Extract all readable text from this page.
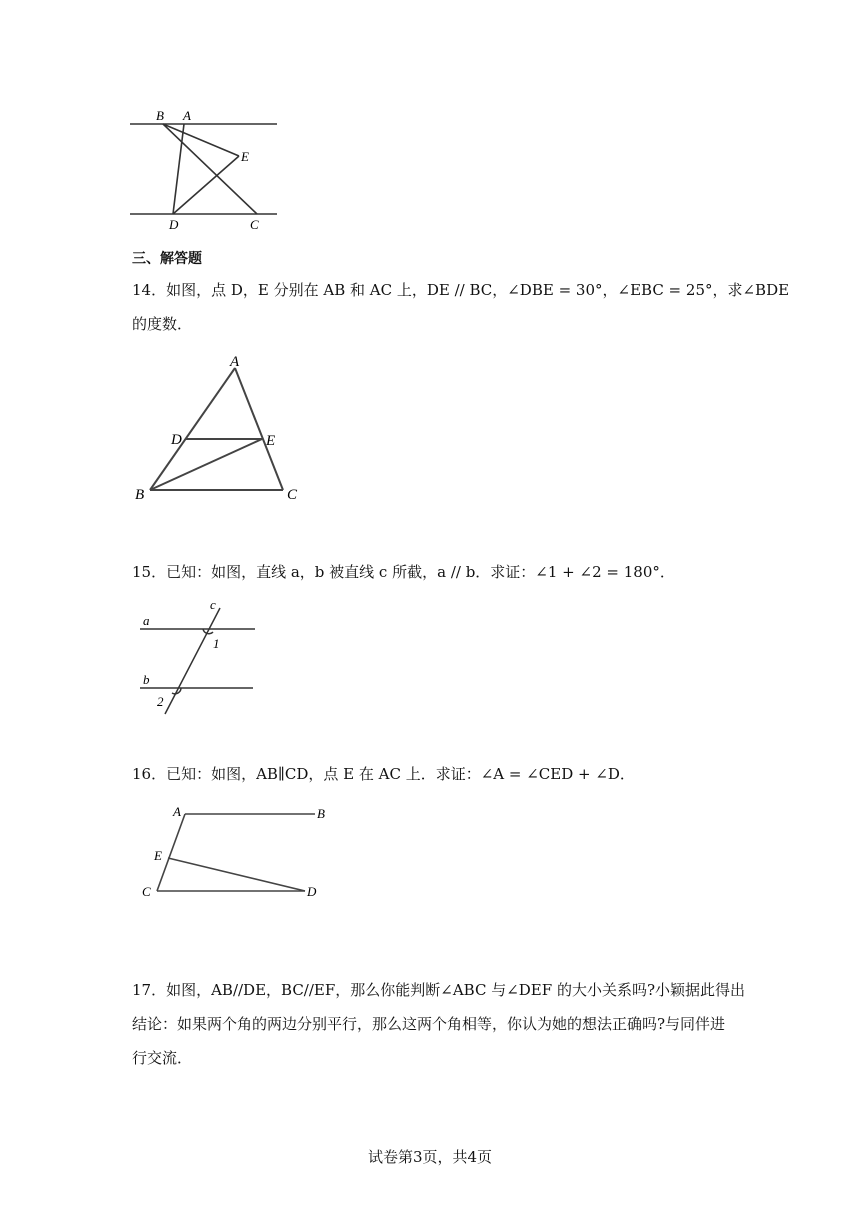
B A
E
D	C
三、解答题
14．如图，点 D，E 分别在 AB 和 AC 上，DE // BC，∠DBE = 30°，∠EBC = 25°，求∠BDE
的度数．
A
D	E
B	C
15．已知：如图，直线 a，b 被直线 c 所截，a // b．求证：∠1 + ∠2 = 180°．
a
c
1
b
2
16．已知：如图，AB∥CD，点 E 在 AC 上．求证：∠A = ∠CED + ∠D．
A	B
E
C	D
17．如图，AB//DE，BC//EF，那么你能判断∠ABC 与∠DEF 的大小关系吗?小颖据此得出
结论：如果两个角的两边分别平行，那么这两个角相等，你认为她的想法正确吗?与同伴进
行交流．
试卷第3页，共4页
